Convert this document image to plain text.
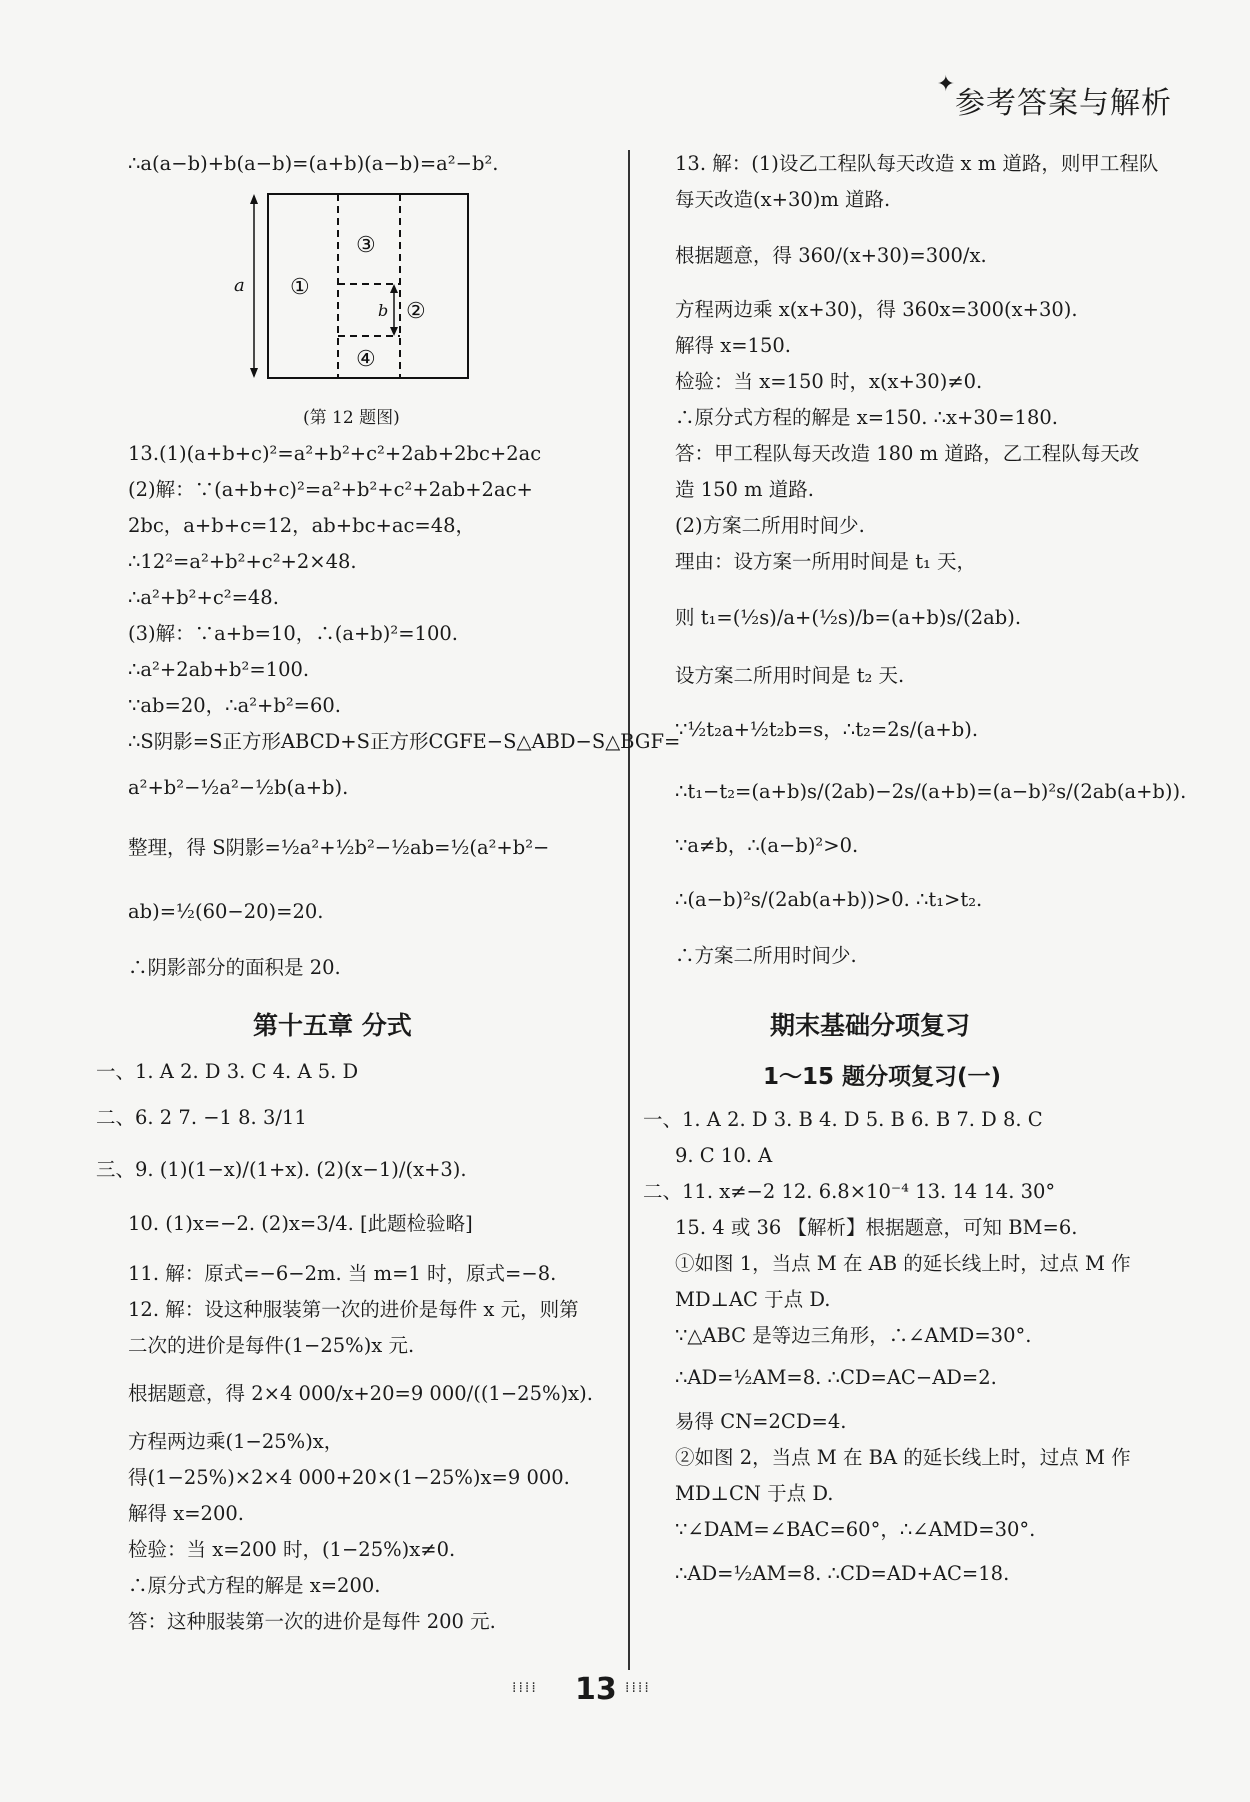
✦
参考答案与解析
∴a(a−b)+b(a−b)=(a+b)(a−b)=a²−b².
a
b
①
②
③
④
(第 12 题图)
13.(1)(a+b+c)²=a²+b²+c²+2ab+2bc+2ac
(2)解：∵(a+b+c)²=a²+b²+c²+2ab+2ac+
2bc，a+b+c=12，ab+bc+ac=48，
∴12²=a²+b²+c²+2×48.
∴a²+b²+c²=48.
(3)解：∵a+b=10，∴(a+b)²=100.
∴a²+2ab+b²=100.
∵ab=20，∴a²+b²=60.
∴S阴影=S正方形ABCD+S正方形CGFE−S△ABD−S△BGF=
a²+b²−½a²−½b(a+b).
整理，得 S阴影=½a²+½b²−½ab=½(a²+b²−
ab)=½(60−20)=20.
∴阴影部分的面积是 20.
第十五章 分式
一、1. A 2. D 3. C 4. A 5. D
二、6. 2 7. −1 8. 3/11
三、9. (1)(1−x)/(1+x). (2)(x−1)/(x+3).
10. (1)x=−2. (2)x=3/4. [此题检验略]
11. 解：原式=−6−2m. 当 m=1 时，原式=−8.
12. 解：设这种服装第一次的进价是每件 x 元，则第
二次的进价是每件(1−25%)x 元.
根据题意，得 2×4 000/x+20=9 000/((1−25%)x).
方程两边乘(1−25%)x，
得(1−25%)×2×4 000+20×(1−25%)x=9 000.
解得 x=200.
检验：当 x=200 时，(1−25%)x≠0.
∴原分式方程的解是 x=200.
答：这种服装第一次的进价是每件 200 元.
13. 解：(1)设乙工程队每天改造 x m 道路，则甲工程队
每天改造(x+30)m 道路.
根据题意，得 360/(x+30)=300/x.
方程两边乘 x(x+30)，得 360x=300(x+30).
解得 x=150.
检验：当 x=150 时，x(x+30)≠0.
∴原分式方程的解是 x=150. ∴x+30=180.
答：甲工程队每天改造 180 m 道路，乙工程队每天改
造 150 m 道路.
(2)方案二所用时间少.
理由：设方案一所用时间是 t₁ 天，
则 t₁=(½s)/a+(½s)/b=(a+b)s/(2ab).
设方案二所用时间是 t₂ 天.
∵½t₂a+½t₂b=s，∴t₂=2s/(a+b).
∴t₁−t₂=(a+b)s/(2ab)−2s/(a+b)=(a−b)²s/(2ab(a+b)).
∵a≠b，∴(a−b)²>0.
∴(a−b)²s/(2ab(a+b))>0. ∴t₁>t₂.
∴方案二所用时间少.
期末基础分项复习
1～15 题分项复习(一)
一、1. A 2. D 3. B 4. D 5. B 6. B 7. D 8. C
9. C 10. A
二、11. x≠−2 12. 6.8×10⁻⁴ 13. 14 14. 30°
15. 4 或 36 【解析】根据题意，可知 BM=6.
①如图 1，当点 M 在 AB 的延长线上时，过点 M 作
MD⊥AC 于点 D.
∵△ABC 是等边三角形，∴∠AMD=30°.
∴AD=½AM=8. ∴CD=AC−AD=2.
易得 CN=2CD=4.
②如图 2，当点 M 在 BA 的延长线上时，过点 M 作
MD⊥CN 于点 D.
∵∠DAM=∠BAC=60°，∴∠AMD=30°.
∴AD=½AM=8. ∴CD=AD+AC=18.
⁞⁞⁞⁞ 13 ⁞⁞⁞⁞
